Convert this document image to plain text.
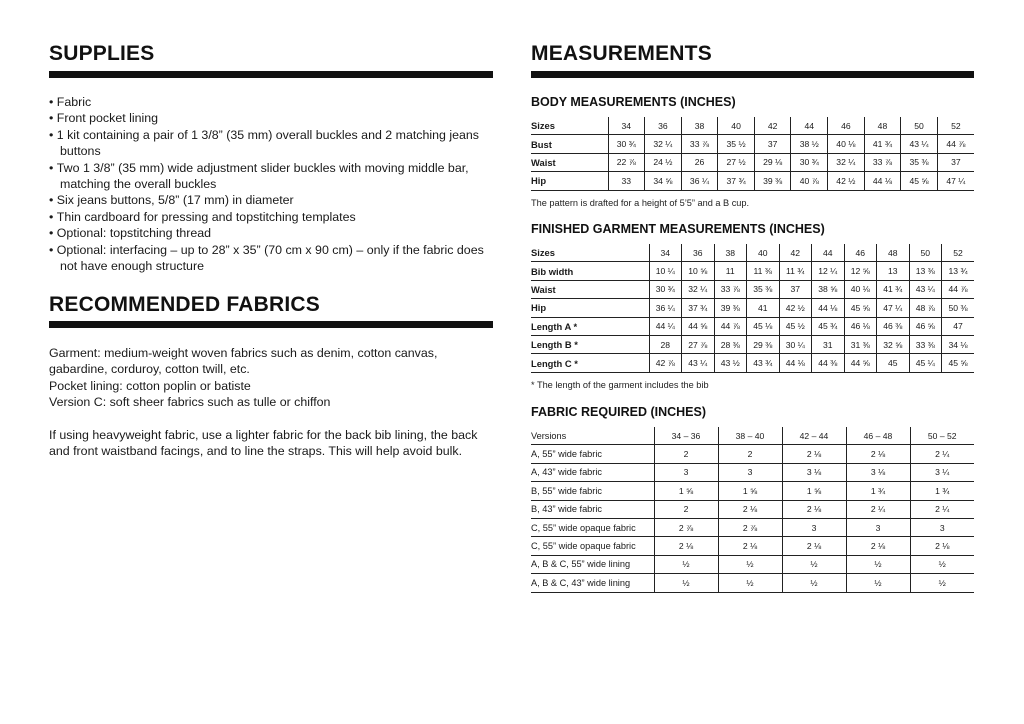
SUPPLIES
• Fabric
• Front pocket lining
• 1 kit containing a pair of 1 3/8” (35 mm) overall buckles and 2 matching jeans buttons
• Two 1 3/8” (35 mm) wide adjustment slider buckles with moving middle bar, matching the overall buckles
• Six jeans buttons, 5/8” (17 mm) in diameter
• Thin cardboard for pressing and topstitching templates
• Optional: topstitching thread
• Optional: interfacing – up to 28” x 35” (70 cm x 90 cm) – only if the fabric does not have enough structure
RECOMMENDED FABRICS

Garment: medium-weight woven fabrics such as denim, cotton canvas, gabardine, corduroy, cotton twill, etc.

Pocket lining: cotton poplin or batiste

Version C: soft sheer fabrics such as tulle or chiffon

If using heavyweight fabric, use a lighter fabric for the back bib lining, the back and front waistband facings, and to line the straps. This will help avoid bulk.

MEASUREMENTS
BODY MEASUREMENTS (INCHES)
Sizes	34	36	38	40	42	44	46	48	50	52
Bust	30 ¾	32 ¼	33 ⅞	35 ½	37	38 ½	40 ⅛	41 ¾	43 ¼	44 ⅞
Waist	22 ⅞	24 ½	26	27 ½	29 ⅛	30 ¾	32 ¼	33 ⅞	35 ⅜	37
Hip	33	34 ⅝	36 ¼	37 ¾	39 ⅜	40 ⅞	42 ½	44 ⅛	45 ⅝	47 ¼
The pattern is drafted for a height of 5’5” and a B cup.
FINISHED GARMENT MEASUREMENTS (INCHES)
Sizes	34	36	38	40	42	44	46	48	50	52
Bib width	10 ¼	10 ⅝	11	11 ⅜	11 ¾	12 ¼	12 ⅝	13	13 ⅜	13 ¾
Waist	30 ¾	32 ¼	33 ⅞	35 ⅜	37	38 ⅝	40 ⅛	41 ¾	43 ¼	44 ⅞
Hip	36 ¼	37 ¾	39 ⅜	41	42 ½	44 ⅛	45 ⅝	47 ¼	48 ⅞	50 ⅜
Length A *	44 ¼	44 ⅝	44 ⅞	45 ⅛	45 ½	45 ¾	46 ⅛	46 ⅜	46 ⅝	47
Length B *	28	27 ⅞	28 ⅜	29 ⅜	30 ¼	31	31 ⅜	32 ⅝	33 ⅜	34 ⅛
Length C *	42 ⅞	43 ¼	43 ½	43 ¾	44 ⅛	44 ⅜	44 ⅝	45	45 ¼	45 ⅝
* The length of the garment includes the bib
FABRIC REQUIRED (INCHES)
Versions	34 – 36	38 – 40	42 – 44	46 – 48	50 – 52
A, 55” wide fabric	2	2	2 ⅛	2 ⅛	2 ¼
A, 43” wide fabric	3	3	3 ⅛	3 ⅛	3 ¼
B, 55” wide fabric	1 ⅝	1 ⅝	1 ⅝	1 ¾	1 ¾
B, 43” wide fabric	2	2 ⅛	2 ⅛	2 ¼	2 ¼
C, 55” wide opaque fabric	2 ⅞	2 ⅞	3	3	3
C, 55” wide opaque fabric	2 ⅛	2 ⅛	2 ⅛	2 ⅛	2 ⅛
A, B & C, 55” wide lining	½	½	½	½	½
A, B & C, 43” wide lining	½	½	½	½	½
